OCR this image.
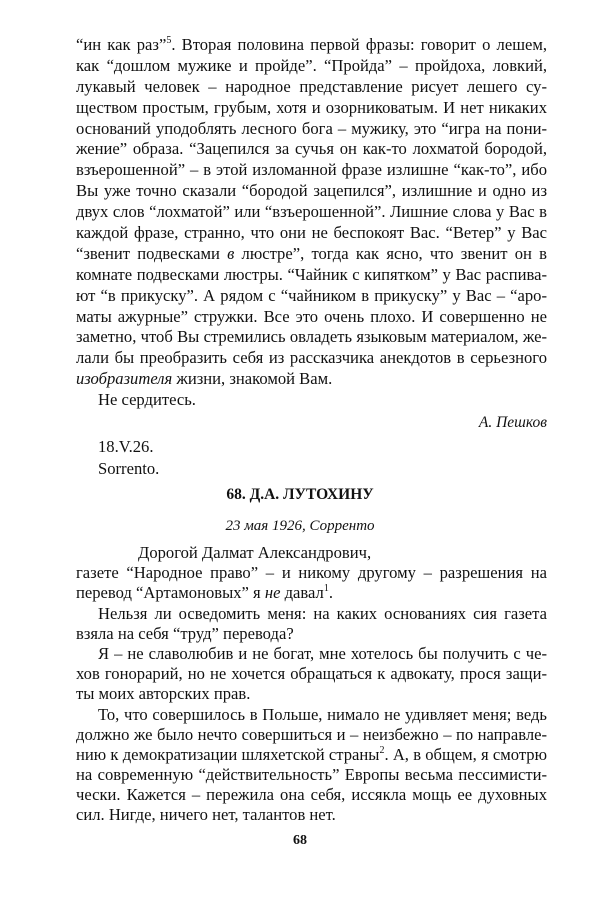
“ин как раз”$^5$. Вторая половина первой фразы: говорит о лешем,
как “дошлом мужике и пройде”. “Пройда” – пройдоха, ловкий,
лукавый человек – народное представление рисует лешего су-
ществом простым, грубым, хотя и озорниковатым. И нет никаких
оснований уподоблять лесного бога – мужику, это “игра на пони-
жение” образа. “Зацепился за сучья он как-то лохматой бородой,
взъерошенной” – в этой изломанной фразе излишне “как-то”, ибо
Вы уже точно сказали “бородой зацепился”, излишние и одно из
двух слов “лохматой” или “взъерошенной”. Лишние слова у Вас в
каждой фразе, странно, что они не беспокоят Вас. “Ветер” у Вас
“звенит подвесками в люстре”, тогда как ясно, что звенит он в
комнате подвесками люстры. “Чайник с кипятком” у Вас распива-
ют “в прикуску”. А рядом с “чайником в прикуску” у Вас – “аро-
маты ажурные” стружки. Все это очень плохо. И совершенно не
заметно, чтоб Вы стремились овладеть языковым материалом, же-
лали бы преобразить себя из рассказчика анекдотов в серьезного
изобразителя жизни, знакомой Вам.
Не сердитесь.
А. Пешков
18.V.26.
Sorrento.
68. Д.А. ЛУТОХИНУ
23 мая 1926, Сорренто
Дорогой Далмат Александрович,
газете “Народное право” – и никому другому – разрешения на
перевод “Артамоновых” я не давал$^1$.
Нельзя ли осведомить меня: на каких основаниях сия газета
взяла на себя “труд” перевода?
Я – не славолюбив и не богат, мне хотелось бы получить с че-
хов гонорарий, но не хочется обращаться к адвокату, прося защи-
ты моих авторских прав.
То, что совершилось в Польше, нимало не удивляет меня; ведь
должно же было нечто совершиться и – неизбежно – по направле-
нию к демократизации шляхетской страны$^2$. А, в общем, я смотрю
на современную “действительность” Европы весьма пессимисти-
чески. Кажется – пережила она себя, иссякла мощь ее духовных
сил. Нигде, ничего нет, талантов нет.
68
